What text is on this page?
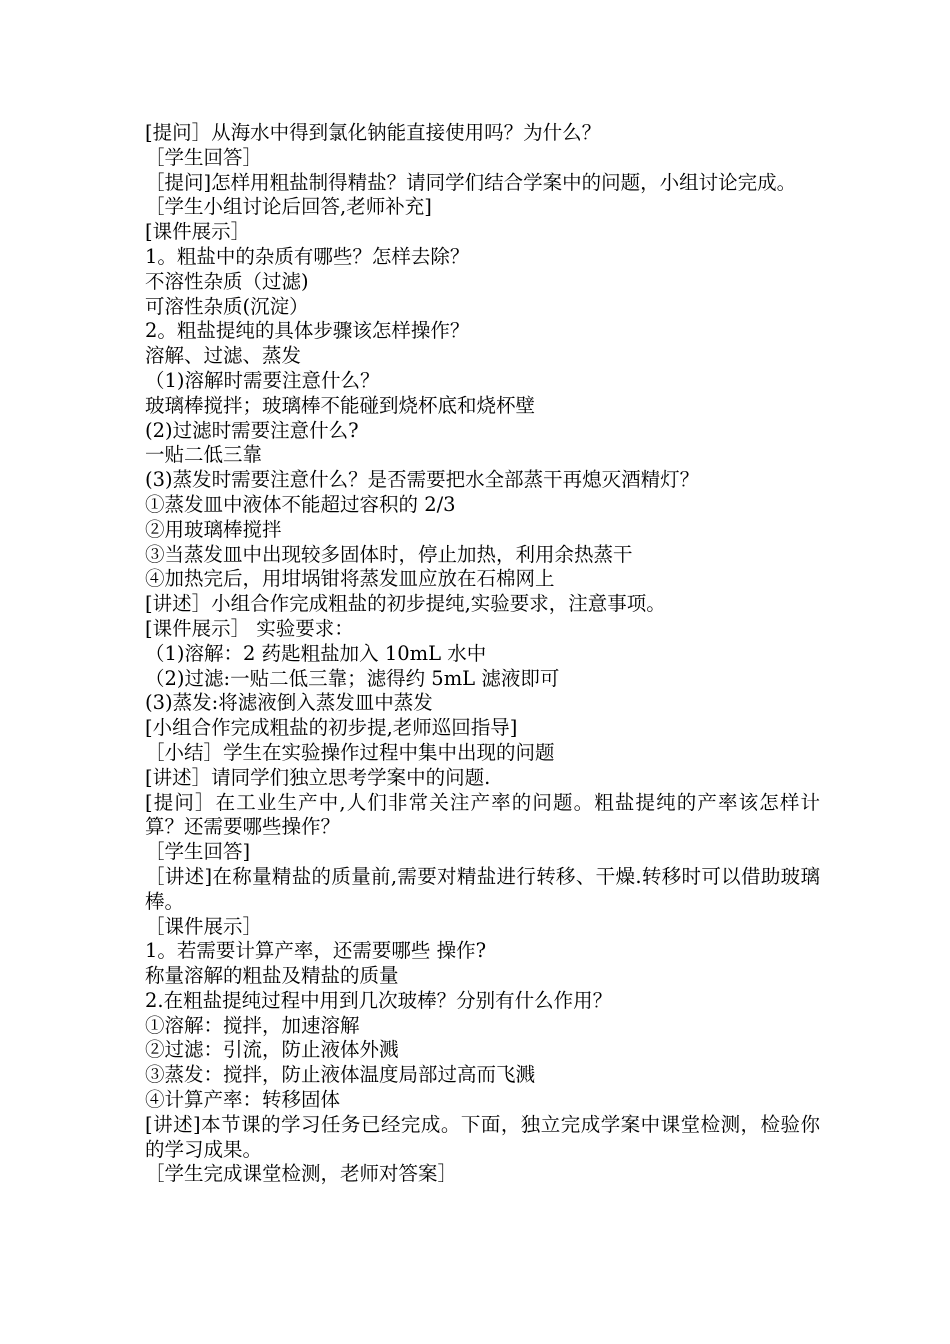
[提问］从海水中得到氯化钠能直接使用吗？为什么？
［学生回答］
［提问]怎样用粗盐制得精盐？请同学们结合学案中的问题，小组讨论完成。
［学生小组讨论后回答,老师补充]
[课件展示］
1。粗盐中的杂质有哪些？怎样去除？
不溶性杂质（过滤)
可溶性杂质(沉淀）
2。粗盐提纯的具体步骤该怎样操作？
溶解、过滤、蒸发
（1)溶解时需要注意什么？
玻璃棒搅拌；玻璃棒不能碰到烧杯底和烧杯壁
(2)过滤时需要注意什么?
一贴二低三靠
(3)蒸发时需要注意什么？是否需要把水全部蒸干再熄灭酒精灯？
①蒸发皿中液体不能超过容积的 2/3
②用玻璃棒搅拌
③当蒸发皿中出现较多固体时，停止加热，利用余热蒸干
④加热完后，用坩埚钳将蒸发皿应放在石棉网上
[讲述］小组合作完成粗盐的初步提纯,实验要求，注意事项。
[课件展示］ 实验要求：
（1)溶解：2 药匙粗盐加入 10mL 水中
（2)过滤:一贴二低三靠；滤得约 5mL 滤液即可
(3)蒸发:将滤液倒入蒸发皿中蒸发
[小组合作完成粗盐的初步提,老师巡回指导]
［小结］学生在实验操作过程中集中出现的问题
[讲述］请同学们独立思考学案中的问题.
[提问］在工业生产中,人们非常关注产率的问题。粗盐提纯的产率该怎样计算？还需要哪些操作？
［学生回答]
［讲述]在称量精盐的质量前,需要对精盐进行转移、干燥.转移时可以借助玻璃棒。
［课件展示］
1。若需要计算产率，还需要哪些 操作?
称量溶解的粗盐及精盐的质量
2.在粗盐提纯过程中用到几次玻棒？分别有什么作用？
①溶解：搅拌，加速溶解
②过滤：引流，防止液体外溅
③蒸发：搅拌，防止液体温度局部过高而飞溅
④计算产率：转移固体
[讲述]本节课的学习任务已经完成。下面，独立完成学案中课堂检测，检验你的学习成果。
［学生完成课堂检测，老师对答案］
